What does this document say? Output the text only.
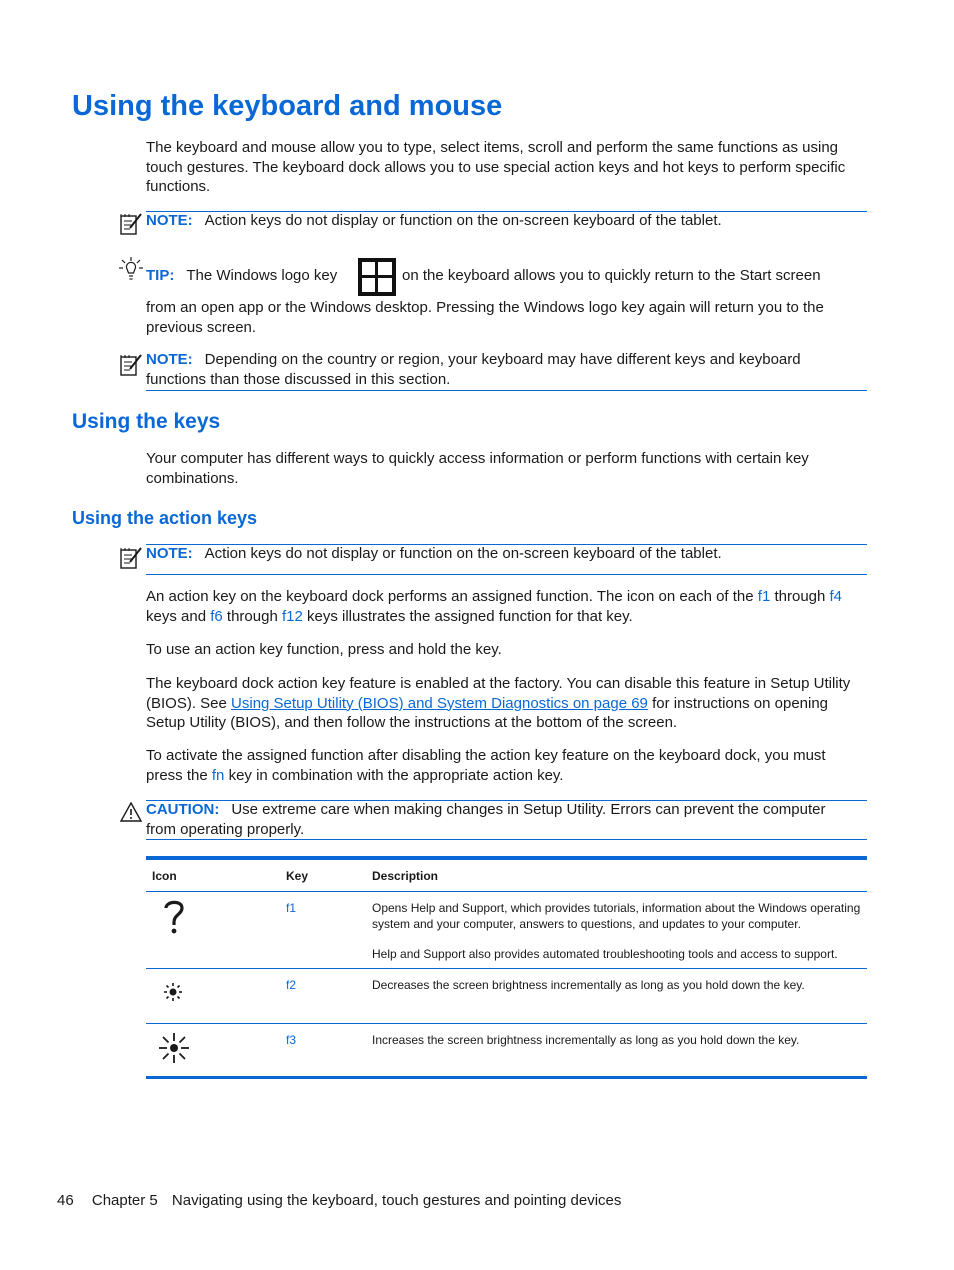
Using the keyboard and mouse

The keyboard and mouse allow you to type, select items, scroll and perform the same functions as using touch gestures. The keyboard dock allows you to use special action keys and hot keys to perform specific functions.

NOTE: Action keys do not display or function on the on-screen keyboard of the tablet.

TIP: The Windows logo key	on the keyboard allows you to quickly return to the Start screen

from an open app or the Windows desktop. Pressing the Windows logo key again will return you to the previous screen.

NOTE: Depending on the country or region, your keyboard may have different keys and keyboard functions than those discussed in this section.

Using the keys

Your computer has different ways to quickly access information or perform functions with certain key combinations.

Using the action keys

NOTE: Action keys do not display or function on the on-screen keyboard of the tablet.

An action key on the keyboard dock performs an assigned function. The icon on each of the f1 through f4 keys and f6 through f12 keys illustrates the assigned function for that key.

To use an action key function, press and hold the key.

The keyboard dock action key feature is enabled at the factory. You can disable this feature in Setup Utility (BIOS). See Using Setup Utility (BIOS) and System Diagnostics on page 69 for instructions on opening Setup Utility (BIOS), and then follow the instructions at the bottom of the screen.

To activate the assigned function after disabling the action key feature on the keyboard dock, you must press the fn key in combination with the appropriate action key.

CAUTION: Use extreme care when making changes in Setup Utility. Errors can prevent the computer from operating properly.

Icon	Key	Description
	f1	Opens Help and Support, which provides tutorials, information about the Windows operating system and your computer, answers to questions, and updates to your computer.
Help and Support also provides automated troubleshooting tools and access to support.

	f2	Decreases the screen brightness incrementally as long as you hold down the key.
	f3	Increases the screen brightness incrementally as long as you hold down the key.
46 Chapter 5 Navigating using the keyboard, touch gestures and pointing devices
